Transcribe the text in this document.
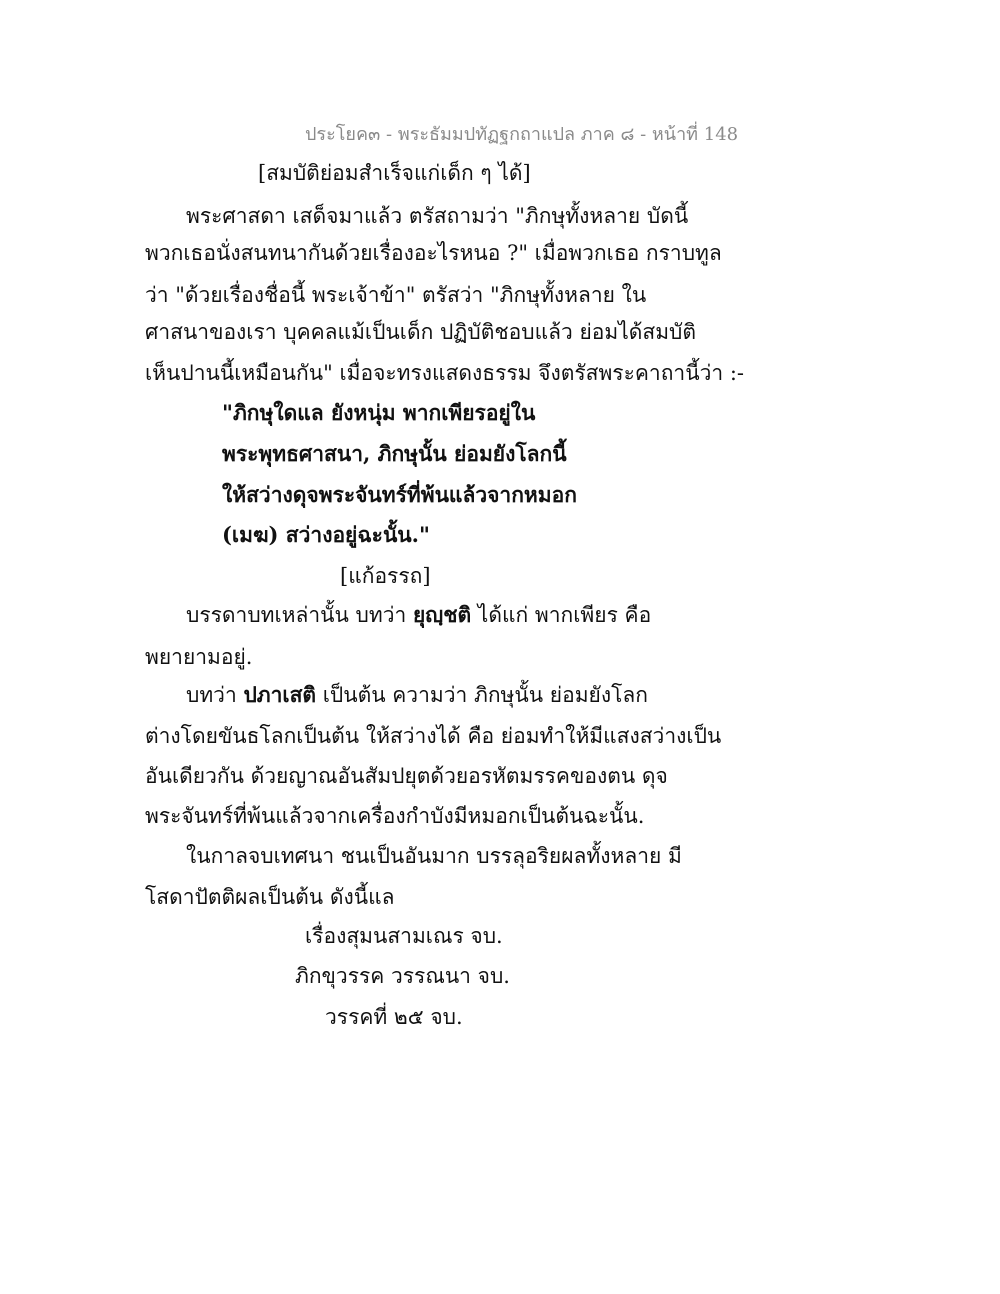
ประโยค๓ - พระธัมมปทัฏฐกถาแปล ภาค ๘ - หน้าที่ 148
[สมบัติย่อมสำเร็จแก่เด็ก ๆ ได้]
พระศาสดา เสด็จมาแล้ว ตรัสถามว่า "ภิกษุทั้งหลาย บัดนี้
พวกเธอนั่งสนทนากันด้วยเรื่องอะไรหนอ ?" เมื่อพวกเธอ กราบทูล
ว่า "ด้วยเรื่องชื่อนี้ พระเจ้าข้า" ตรัสว่า "ภิกษุทั้งหลาย ใน
ศาสนาของเรา บุคคลแม้เป็นเด็ก ปฏิบัติชอบแล้ว ย่อมได้สมบัติ
เห็นปานนี้เหมือนกัน" เมื่อจะทรงแสดงธรรม จึงตรัสพระคาถานี้ว่า :-
"ภิกษุใดแล ยังหนุ่ม พากเพียรอยู่ใน
พระพุทธศาสนา, ภิกษุนั้น ย่อมยังโลกนี้
ให้สว่างดุจพระจันทร์ที่พ้นแล้วจากหมอก
(เมฆ) สว่างอยู่ฉะนั้น."
[แก้อรรถ]
บรรดาบทเหล่านั้น บทว่า ยุญฺชติ ได้แก่ พากเพียร คือ
พยายามอยู่.
บทว่า ปภาเสติ เป็นต้น ความว่า ภิกษุนั้น ย่อมยังโลก
ต่างโดยขันธโลกเป็นต้น ให้สว่างได้ คือ ย่อมทำให้มีแสงสว่างเป็น
อันเดียวกัน ด้วยญาณอันสัมปยุตด้วยอรหัตมรรคของตน ดุจ
พระจันทร์ที่พ้นแล้วจากเครื่องกำบังมีหมอกเป็นต้นฉะนั้น.
ในกาลจบเทศนา ชนเป็นอันมาก บรรลุอริยผลทั้งหลาย มี
โสดาปัตติผลเป็นต้น ดังนี้แล
เรื่องสุมนสามเณร จบ.
ภิกขุวรรค วรรณนา จบ.
วรรคที่ ๒๕ จบ.
